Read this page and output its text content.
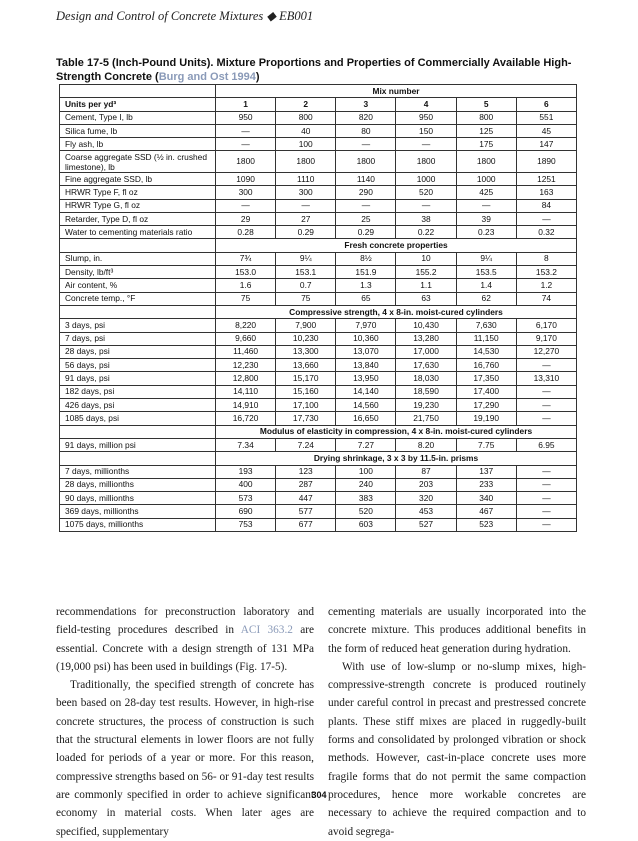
Design and Control of Concrete Mixtures ◆ EB001
Table 17-5 (Inch-Pound Units). Mixture Proportions and Properties of Commercially Available High-Strength Concrete (Burg and Ost 1994)
	Mix number					
Units per yd³	1	2	3	4	5	6
Cement, Type I, lb	950	800	820	950	800	551
Silica fume, lb	—	40	80	150	125	45
Fly ash, lb	—	100	—	—	175	147
Coarse aggregate SSD (½ in. crushed limestone), lb	1800	1800	1800	1800	1800	1890
Fine aggregate SSD, lb	1090	1110	1140	1000	1000	1251
HRWR Type F, fl oz	300	300	290	520	425	163
HRWR Type G, fl oz	—	—	—	—	—	84
Retarder, Type D, fl oz	29	27	25	38	39	—
Water to cementing materials ratio	0.28	0.29	0.29	0.22	0.23	0.32
	Fresh concrete properties					
Slump, in.	7¾	9¼	8½	10	9¼	8
Density, lb/ft³	153.0	153.1	151.9	155.2	153.5	153.2
Air content, %	1.6	0.7	1.3	1.1	1.4	1.2
Concrete temp., °F	75	75	65	63	62	74
	Compressive strength, 4 x 8-in. moist-cured cylinders					
3 days, psi	8,220	7,900	7,970	10,430	7,630	6,170
7 days, psi	9,660	10,230	10,360	13,280	11,150	9,170
28 days, psi	11,460	13,300	13,070	17,000	14,530	12,270
56 days, psi	12,230	13,660	13,840	17,630	16,760	—
91 days, psi	12,800	15,170	13,950	18,030	17,350	13,310
182 days, psi	14,110	15,160	14,140	18,590	17,400	—
426 days, psi	14,910	17,100	14,560	19,230	17,290	—
1085 days, psi	16,720	17,730	16,650	21,750	19,190	—
	Modulus of elasticity in compression, 4 x 8-in. moist-cured cylinders					
91 days, million psi	7.34	7.24	7.27	8.20	7.75	6.95
	Drying shrinkage, 3 x 3 by 11.5-in. prisms					
7 days, millionths	193	123	100	87	137	—
28 days, millionths	400	287	240	203	233	—
90 days, millionths	573	447	383	320	340	—
369 days, millionths	690	577	520	453	467	—
1075 days, millionths	753	677	603	527	523	—

recommendations for preconstruction laboratory and field-testing procedures described in ACI 363.2 are essential. Concrete with a design strength of 131 MPa (19,000 psi) has been used in buildings (Fig. 17-5).

Traditionally, the specified strength of concrete has been based on 28-day test results. However, in high-rise concrete structures, the process of construction is such that the structural elements in lower floors are not fully loaded for periods of a year or more. For this reason, compressive strengths based on 56- or 91-day test results are commonly specified in order to achieve significant economy in material costs. When later ages are specified, supplementary

cementing materials are usually incorporated into the concrete mixture. This produces additional benefits in the form of reduced heat generation during hydration.

With use of low-slump or no-slump mixes, high-compressive-strength concrete is produced routinely under careful control in precast and prestressed concrete plants. These stiff mixes are placed in ruggedly-built forms and consolidated by prolonged vibration or shock methods. However, cast-in-place concrete uses more fragile forms that do not permit the same compaction procedures, hence more workable concretes are necessary to achieve the required compaction and to avoid segrega-

304
